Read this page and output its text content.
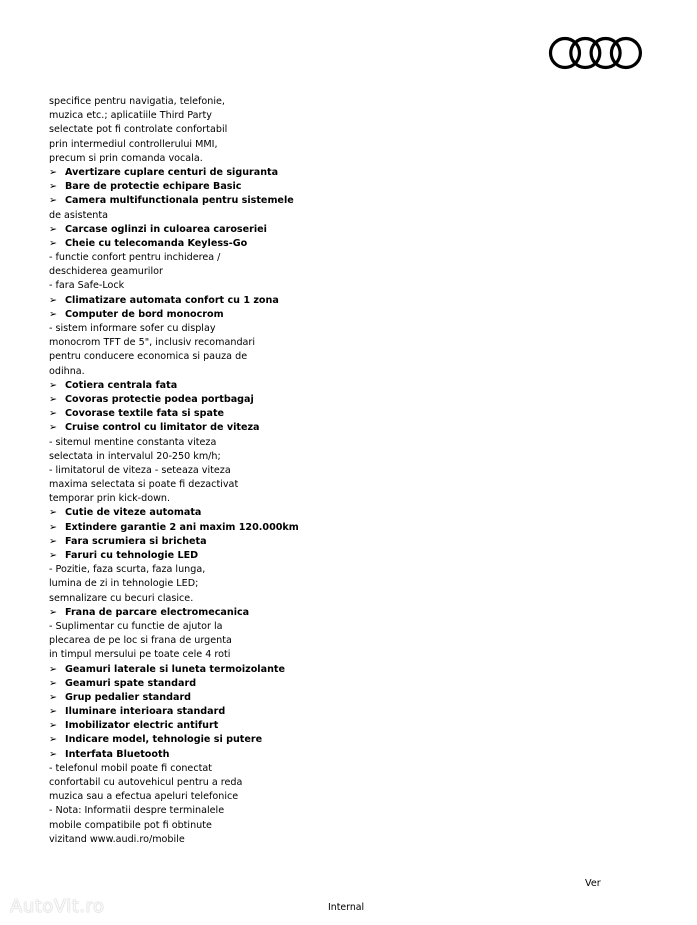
specifice pentru navigatia, telefonie,
muzica etc.; aplicatiile Third Party
selectate pot fi controlate confortabil
prin intermediul controllerului MMI,
precum si prin comanda vocala.
➢ Avertizare cuplare centuri de siguranta
➢ Bare de protectie echipare Basic
➢ Camera multifunctionala pentru sistemele
de asistenta
➢ Carcase oglinzi in culoarea caroseriei
➢ Cheie cu telecomanda Keyless-Go
- functie confort pentru inchiderea /
deschiderea geamurilor
- fara Safe-Lock
➢ Climatizare automata confort cu 1 zona
➢ Computer de bord monocrom
- sistem informare sofer cu display
monocrom TFT de 5", inclusiv recomandari
pentru conducere economica si pauza de
odihna.
➢ Cotiera centrala fata
➢ Covoras protectie podea portbagaj
➢ Covorase textile fata si spate
➢ Cruise control cu limitator de viteza
- sitemul mentine constanta viteza
selectata in intervalul 20-250 km/h;
- limitatorul de viteza - seteaza viteza
maxima selectata si poate fi dezactivat
temporar prin kick-down.
➢ Cutie de viteze automata
➢ Extindere garantie 2 ani maxim 120.000km
➢ Fara scrumiera si bricheta
➢ Faruri cu tehnologie LED
- Pozitie, faza scurta, faza lunga,
lumina de zi in tehnologie LED;
semnalizare cu becuri clasice.
➢ Frana de parcare electromecanica
- Suplimentar cu functie de ajutor la
plecarea de pe loc si frana de urgenta
in timpul mersului pe toate cele 4 roti
➢ Geamuri laterale si luneta termoizolante
➢ Geamuri spate standard
➢ Grup pedalier standard
➢ Iluminare interioara standard
➢ Imobilizator electric antifurt
➢ Indicare model, tehnologie si putere
➢ Interfata Bluetooth
- telefonul mobil poate fi conectat
confortabil cu autovehicul pentru a reda
muzica sau a efectua apeluri telefonice
- Nota: Informatii despre terminalele
mobile compatibile pot fi obtinute
vizitand www.audi.ro/mobile
Ver
Internal
AutoVit.ro
